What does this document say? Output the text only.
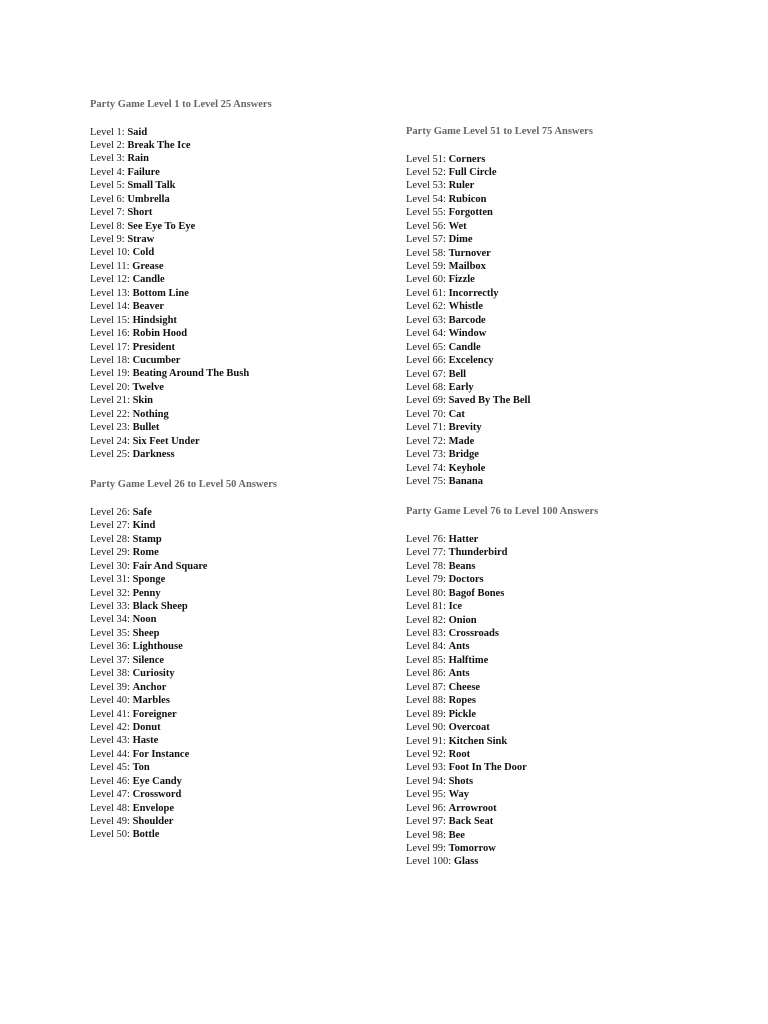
Party Game Level 1 to Level 25 Answers
Level 1: Said
Level 2: Break The Ice
Level 3: Rain
Level 4: Failure
Level 5: Small Talk
Level 6: Umbrella
Level 7: Short
Level 8: See Eye To Eye
Level 9: Straw
Level 10: Cold
Level 11: Grease
Level 12: Candle
Level 13: Bottom Line
Level 14: Beaver
Level 15: Hindsight
Level 16: Robin Hood
Level 17: President
Level 18: Cucumber
Level 19: Beating Around The Bush
Level 20: Twelve
Level 21: Skin
Level 22: Nothing
Level 23: Bullet
Level 24: Six Feet Under
Level 25: Darkness
Party Game Level 26 to Level 50 Answers
Level 26: Safe
Level 27: Kind
Level 28: Stamp
Level 29: Rome
Level 30: Fair And Square
Level 31: Sponge
Level 32: Penny
Level 33: Black Sheep
Level 34: Noon
Level 35: Sheep
Level 36: Lighthouse
Level 37: Silence
Level 38: Curiosity
Level 39: Anchor
Level 40: Marbles
Level 41: Foreigner
Level 42: Donut
Level 43: Haste
Level 44: For Instance
Level 45: Ton
Level 46: Eye Candy
Level 47: Crossword
Level 48: Envelope
Level 49: Shoulder
Level 50: Bottle
Party Game Level 51 to Level 75 Answers
Level 51: Corners
Level 52: Full Circle
Level 53: Ruler
Level 54: Rubicon
Level 55: Forgotten
Level 56: Wet
Level 57: Dime
Level 58: Turnover
Level 59: Mailbox
Level 60: Fizzle
Level 61: Incorrectly
Level 62: Whistle
Level 63: Barcode
Level 64: Window
Level 65: Candle
Level 66: Excelency
Level 67: Bell
Level 68: Early
Level 69: Saved By The Bell
Level 70: Cat
Level 71: Brevity
Level 72: Made
Level 73: Bridge
Level 74: Keyhole
Level 75: Banana
Party Game Level 76 to Level 100 Answers
Level 76: Hatter
Level 77: Thunderbird
Level 78: Beans
Level 79: Doctors
Level 80: Bagof Bones
Level 81: Ice
Level 82: Onion
Level 83: Crossroads
Level 84: Ants
Level 85: Halftime
Level 86: Ants
Level 87: Cheese
Level 88: Ropes
Level 89: Pickle
Level 90: Overcoat
Level 91: Kitchen Sink
Level 92: Root
Level 93: Foot In The Door
Level 94: Shots
Level 95: Way
Level 96: Arrowroot
Level 97: Back Seat
Level 98: Bee
Level 99: Tomorrow
Level 100: Glass
